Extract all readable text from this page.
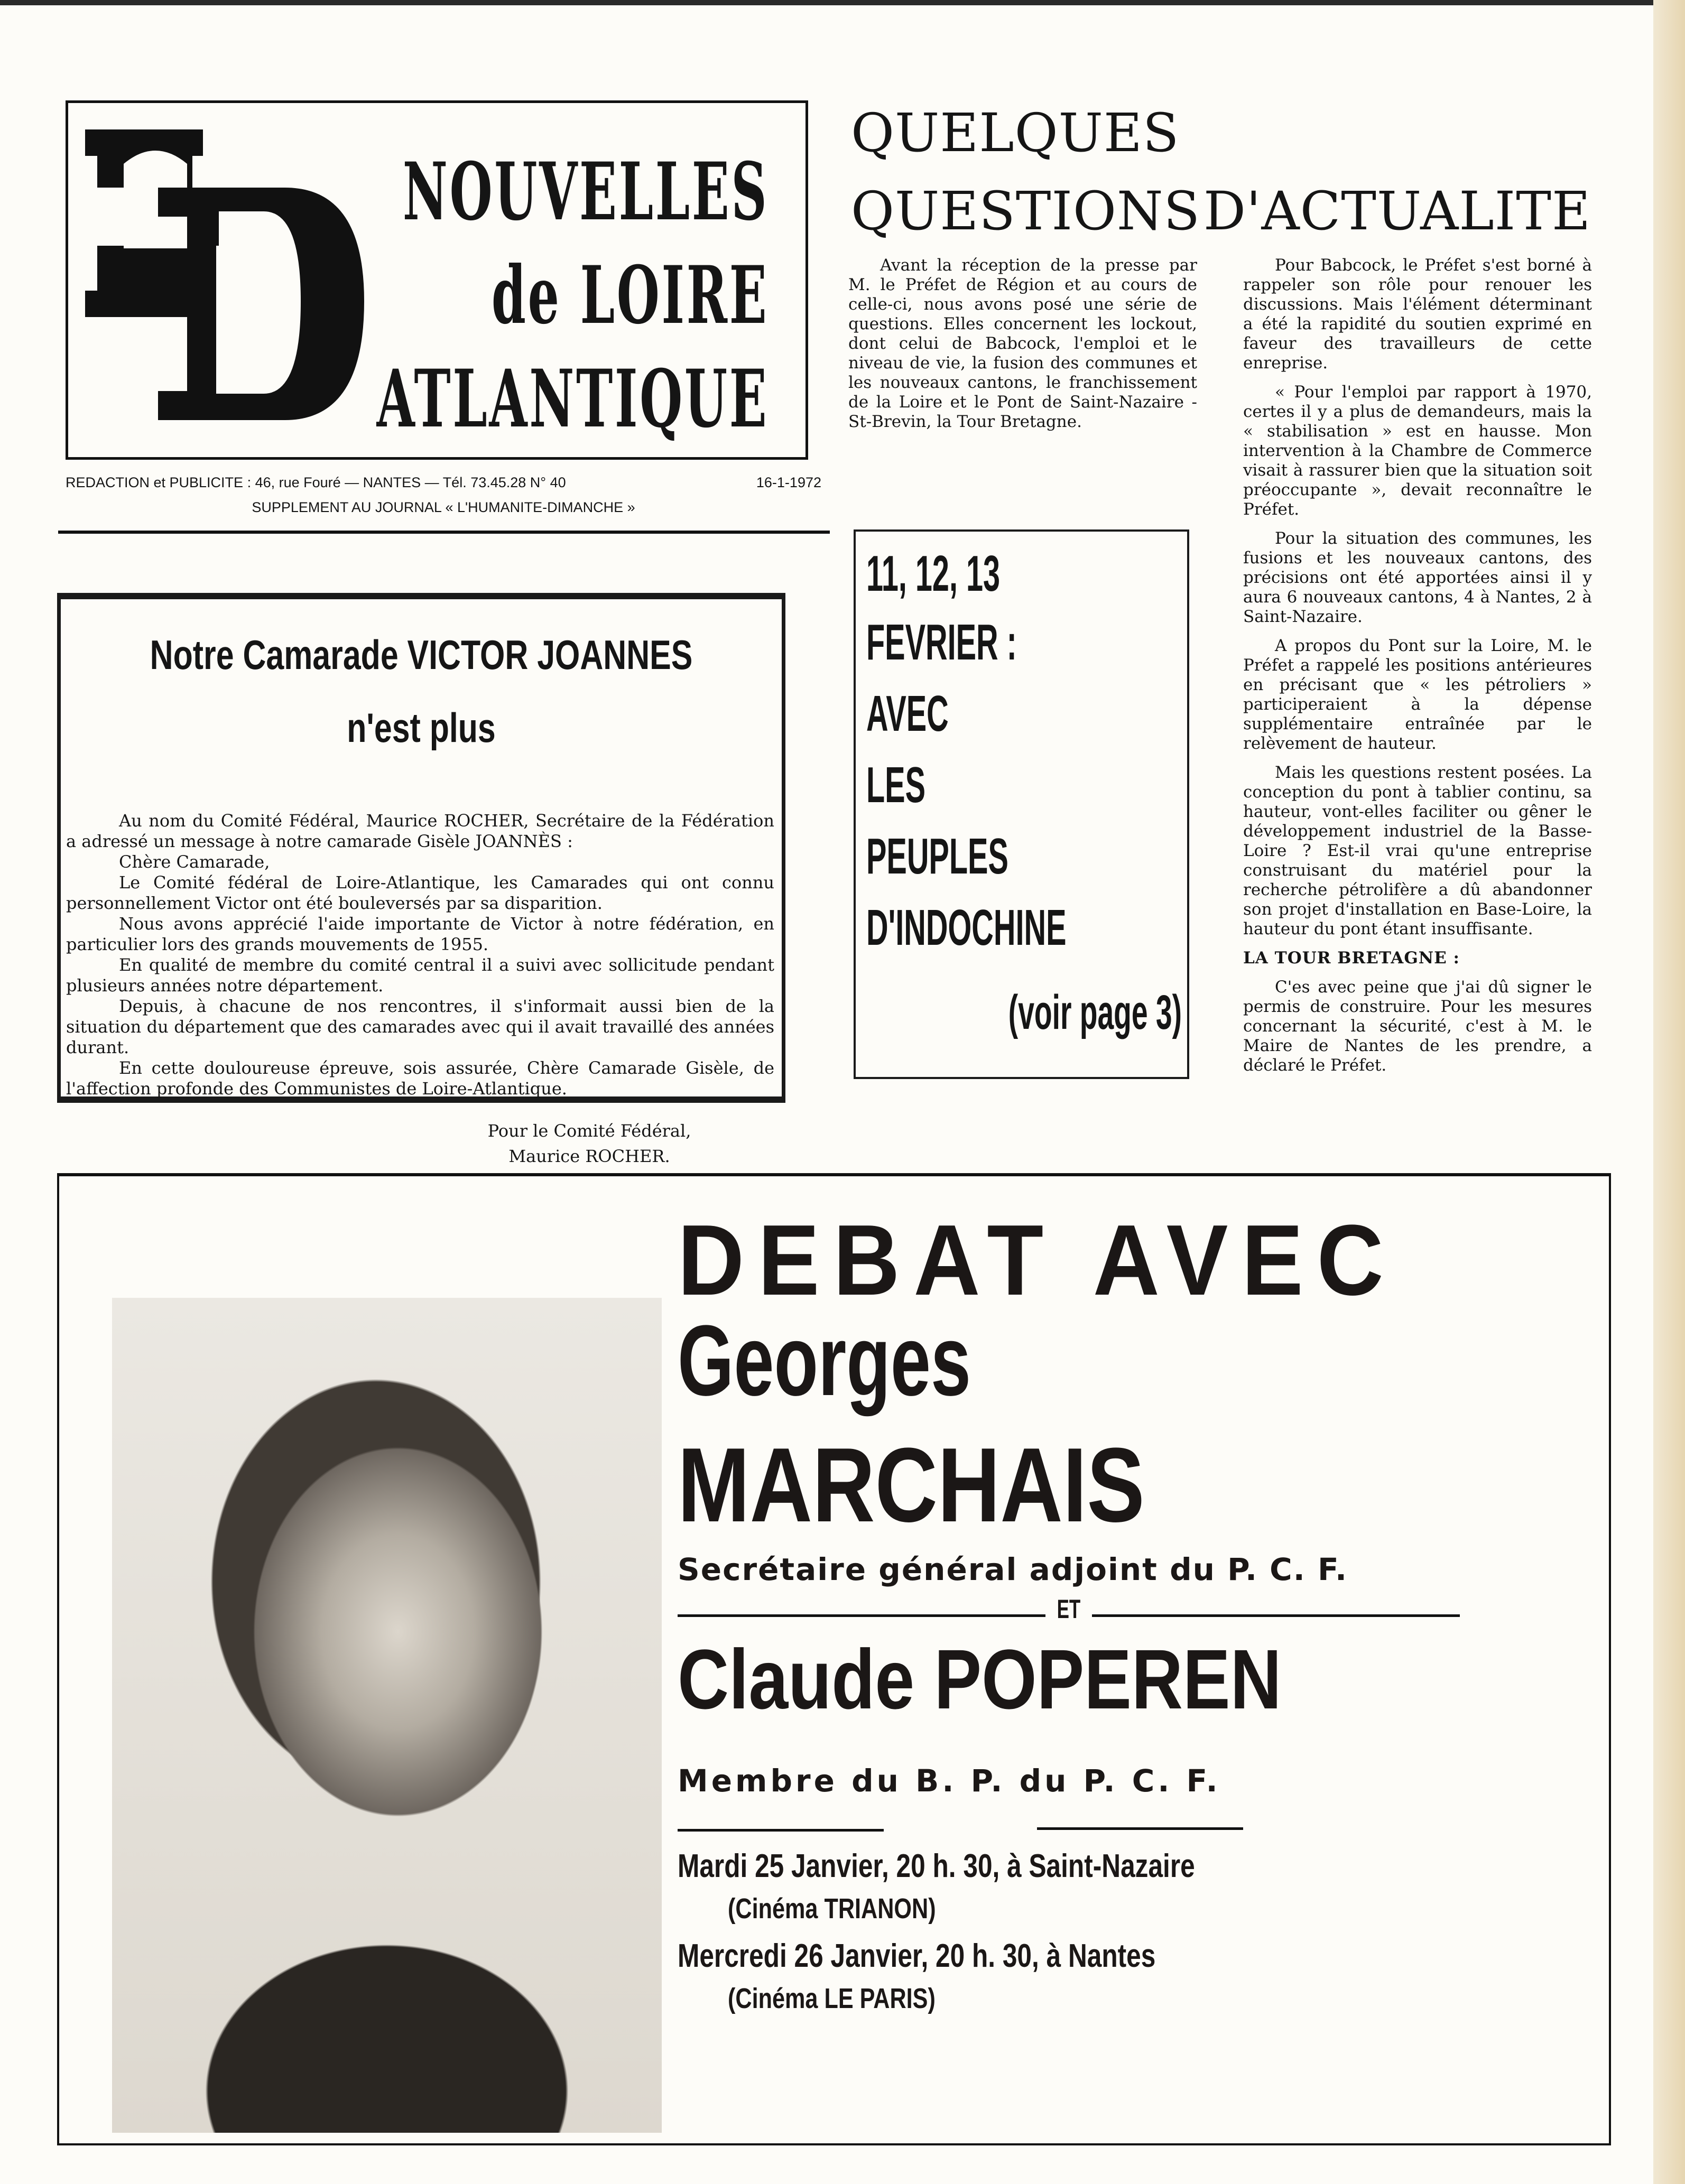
NOUVELLES
de LOIRE
ATLANTIQUE
REDACTION et PUBLICITE : 46, rue Fouré — NANTES — Tél. 73.45.28 N° 40	16-1-1972
SUPPLEMENT AU JOURNAL « L'HUMANITE-DIMANCHE »
QUELQUES
QUESTIONS D'ACTUALITE

Avant la réception de la presse par M. le Préfet de Région et au cours de celle-ci, nous avons posé une série de questions. Elles concernent les lockout, dont celui de Babcock, l'emploi et le niveau de vie, la fusion des communes et les nouveaux cantons, le franchissement de la Loire et le Pont de Saint-Nazaire - St-Brevin, la Tour Bretagne.

Pour Babcock, le Préfet s'est borné à rappeler son rôle pour renouer les discussions. Mais l'élément déterminant a été la rapidité du soutien exprimé en faveur des travailleurs de cette enreprise.

« Pour l'emploi par rapport à 1970, certes il y a plus de demandeurs, mais la « stabilisation » est en hausse. Mon intervention à la Chambre de Commerce visait à rassurer bien que la situation soit préoccupante », devait reconnaître le Préfet.

Pour la situation des communes, les fusions et les nouveaux cantons, des précisions ont été apportées ainsi il y aura 6 nouveaux cantons, 4 à Nantes, 2 à Saint-Nazaire.

A propos du Pont sur la Loire, M. le Préfet a rappelé les positions antérieures en précisant que « les pétroliers » participeraient à la dépense supplémentaire entraînée par le relèvement de hauteur.

Mais les questions restent posées. La conception du pont à tablier continu, sa hauteur, vont-elles faciliter ou gêner le développement industriel de la Basse-Loire ? Est-il vrai qu'une entreprise construisant du matériel pour la recherche pétrolifère a dû abandonner son projet d'installation en Base-Loire, la hauteur du pont étant insuffisante.

LA TOUR BRETAGNE :

C'es avec peine que j'ai dû signer le permis de construire. Pour les mesures concernant la sécurité, c'est à M. le Maire de Nantes de les prendre, a déclaré le Préfet.

Notre Camarade VICTOR JOANNES
n'est plus

Au nom du Comité Fédéral, Maurice ROCHER, Secrétaire de la Fédération a adressé un message à notre camarade Gisèle JOANNÈS :

Chère Camarade,

Le Comité fédéral de Loire-Atlantique, les Camarades qui ont connu personnellement Victor ont été bouleversés par sa disparition.

Nous avons apprécié l'aide importante de Victor à notre fédération, en particulier lors des grands mouvements de 1955.

En qualité de membre du comité central il a suivi avec sollicitude pendant plusieurs années notre département.

Depuis, à chacune de nos rencontres, il s'informait aussi bien de la situation du département que des camarades avec qui il avait travaillé des années durant.

En cette douloureuse épreuve, sois assurée, Chère Camarade Gisèle, de l'affection profonde des Communistes de Loire-Atlantique.

Pour le Comité Fédéral,
Maurice ROCHER.
11, 12, 13
FEVRIER :
AVEC
LES
PEUPLES
D'INDOCHINE
(voir page 3)
DEBAT AVEC
Georges
MARCHAIS
Secrétaire général adjoint du P. C. F.
ET
Claude POPEREN
Membre du B. P. du P. C. F.
Mardi 25 Janvier, 20 h. 30, à Saint-Nazaire
(Cinéma TRIANON)
Mercredi 26 Janvier, 20 h. 30, à Nantes
(Cinéma LE PARIS)
